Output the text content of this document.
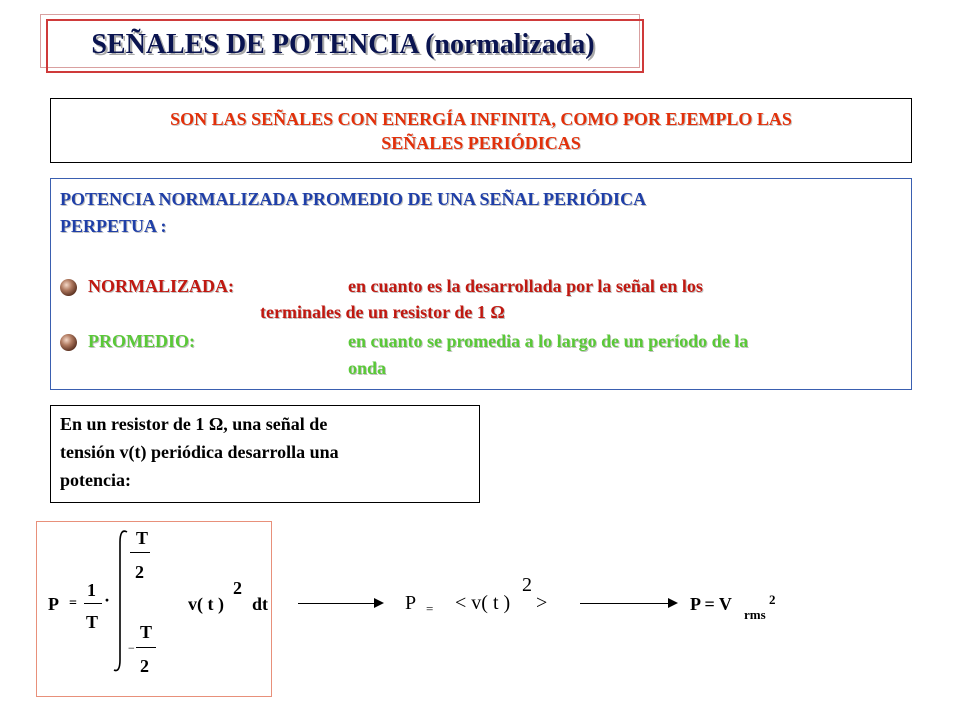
SEÑALES DE POTENCIA (normalizada)
SON LAS SEÑALES CON ENERGÍA INFINITA, COMO POR EJEMPLO LAS
SEÑALES PERIÓDICAS
POTENCIA NORMALIZADA PROMEDIO DE UNA SEÑAL PERIÓDICA
PERPETUA :
NORMALIZADA:	en cuanto es la desarrollada por la señal en los
terminales de un resistor de 1 Ω
PROMEDIO:	en cuanto se promedia a lo largo de un período de la
onda
En un resistor de 1 Ω, una señal de
tensión v(t) periódica desarrolla una
potencia:
P =
1
T
·
T
2
−
T
2
v( t )
2
dt	P = < v( t )
2
>	P = V
rms
2
